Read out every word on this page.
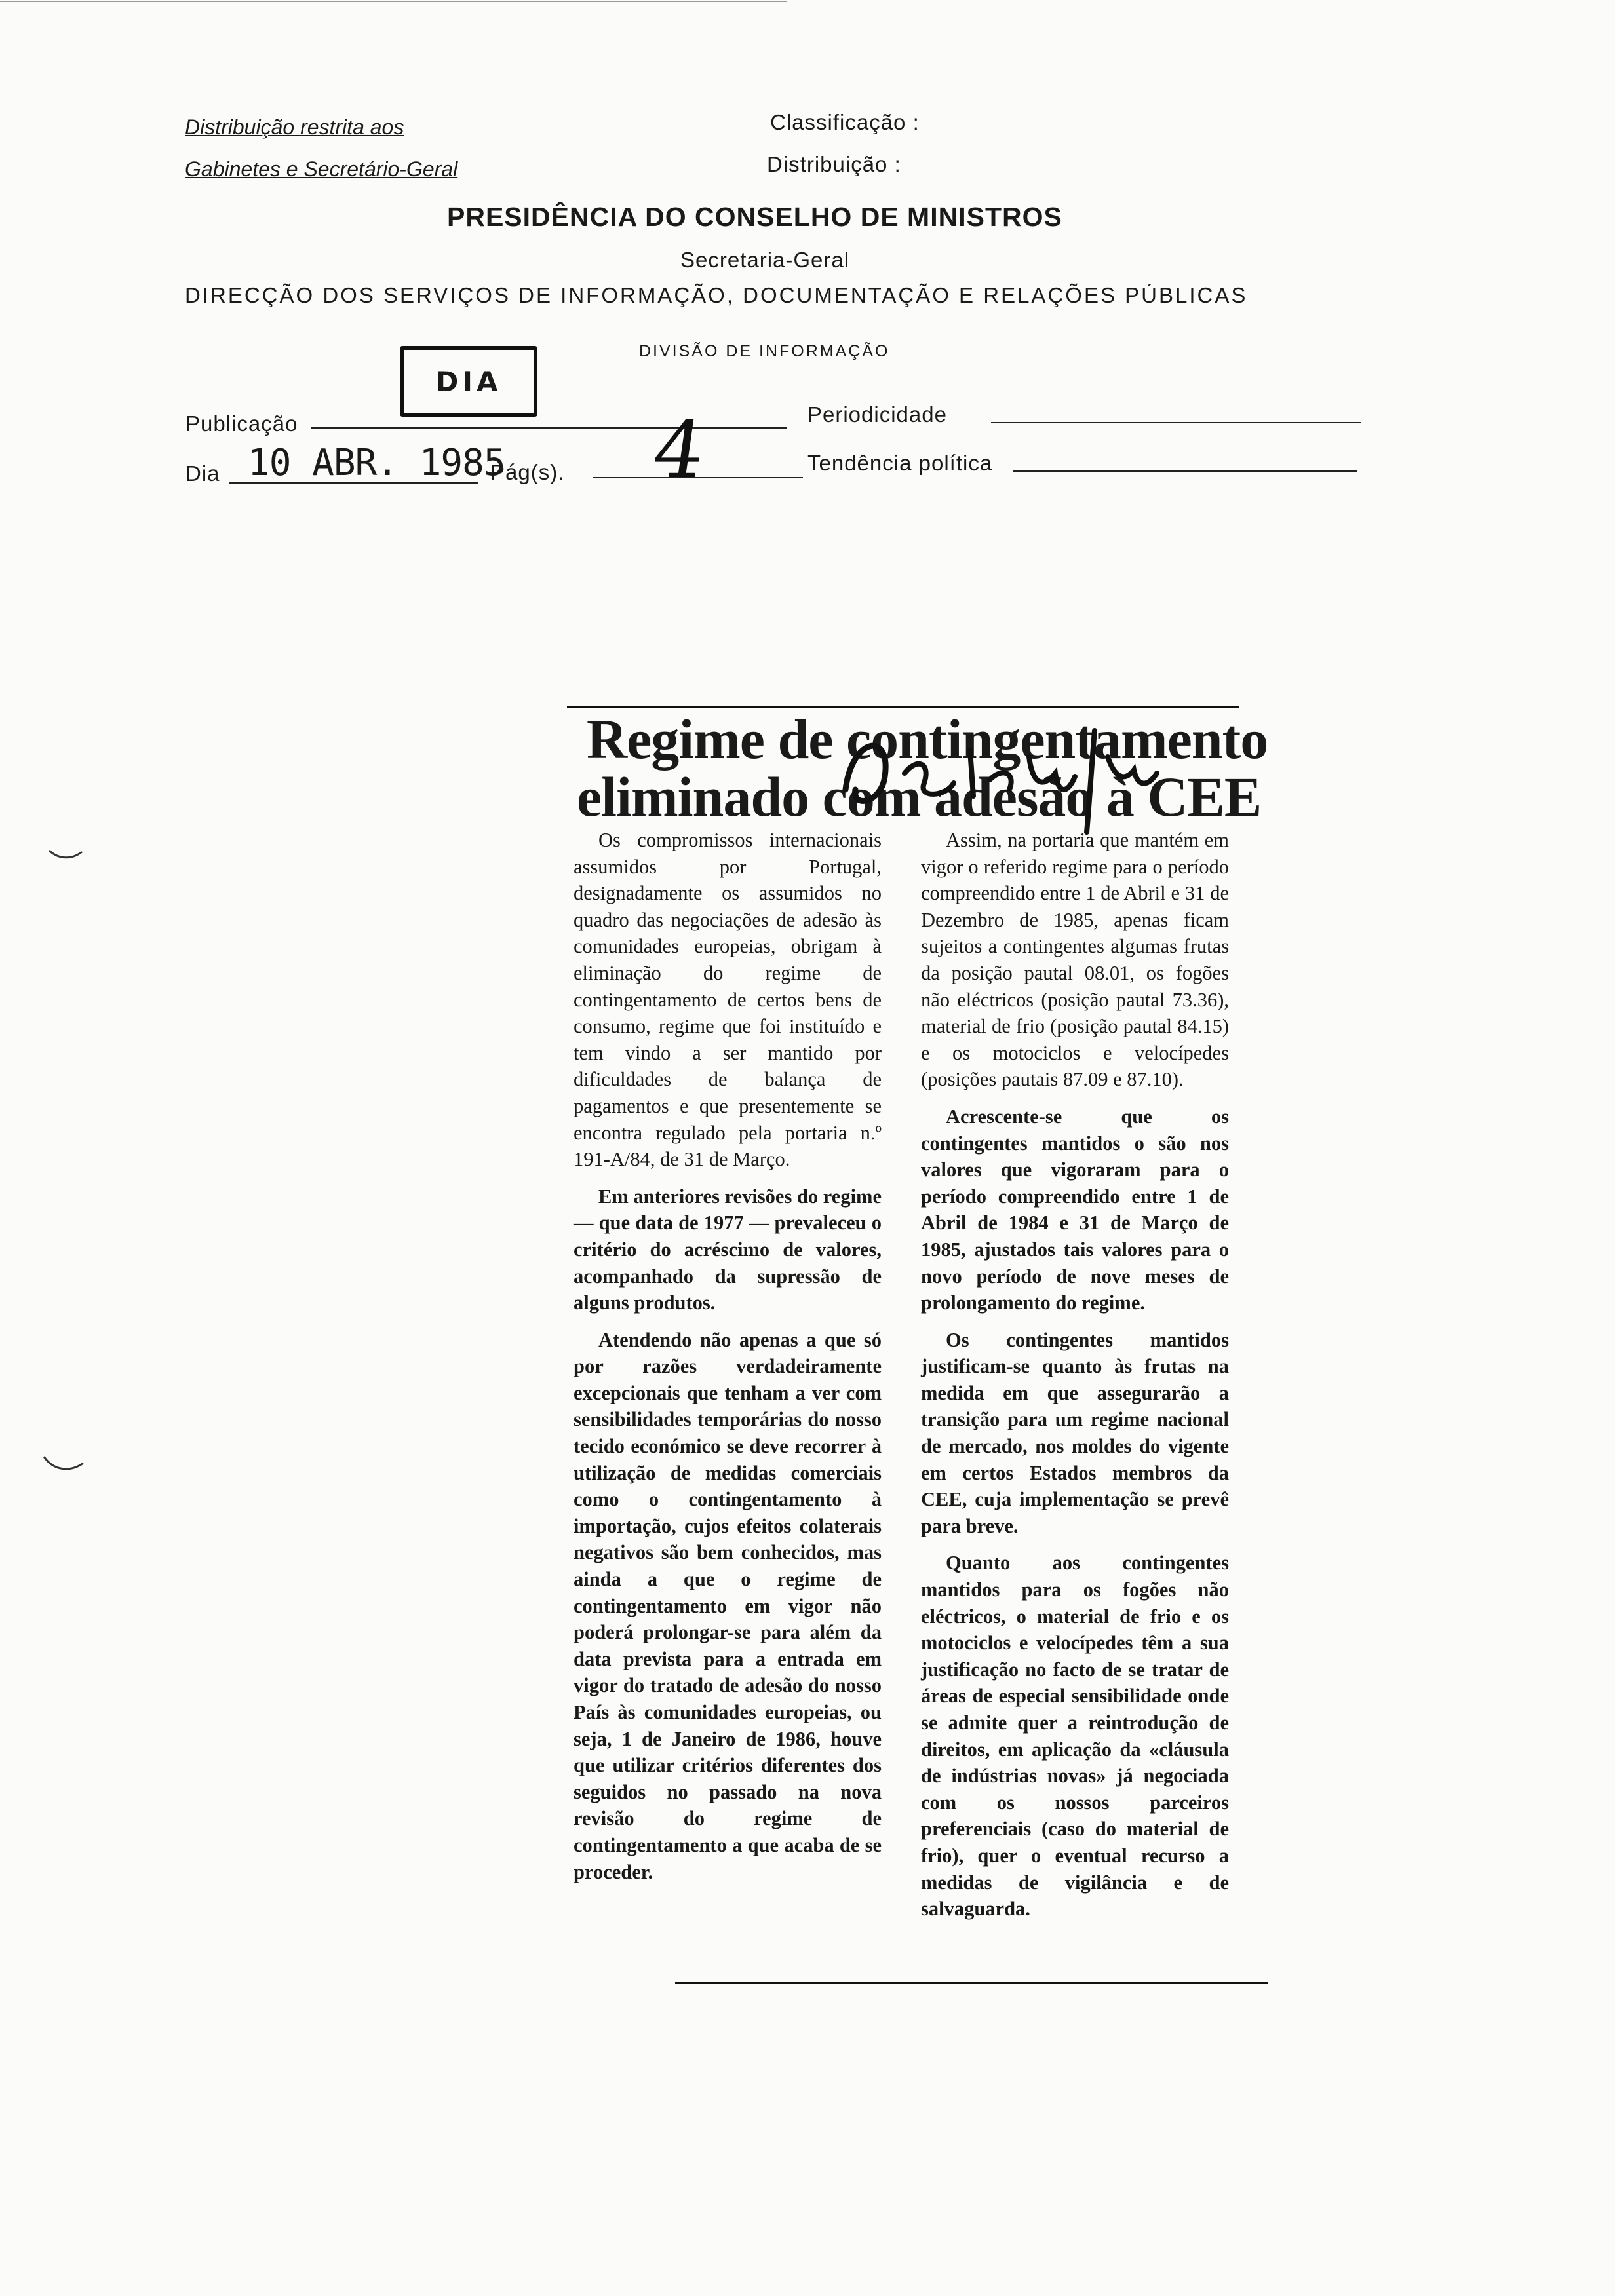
Distribuição restrita aos
Gabinetes e Secretário-Geral
Classificação :
Distribuição :
PRESIDÊNCIA DO CONSELHO DE MINISTROS
Secretaria-Geral
DIRECÇÃO DOS SERVIÇOS DE INFORMAÇÃO, DOCUMENTAÇÃO E RELAÇÕES PÚBLICAS
DIVISÃO DE INFORMAÇÃO
DIA
Publicação	Periodicidade
Dia 10 ABR. 1985
Pág(s). 4	Tendência política
Regime de contingentamento
eliminado com adesão à CEE

Os compromissos internacionais assumidos por Portugal, designadamente os assumidos no quadro das negociações de adesão às comunidades europeias, obrigam à eliminação do regime de contingentamento de certos bens de consumo, regime que foi instituído e tem vindo a ser mantido por dificuldades de balança de pagamentos e que presentemente se encontra regulado pela portaria n.º 191-A/84, de 31 de Março.

Em anteriores revisões do regime — que data de 1977 — prevaleceu o critério do acréscimo de valores, acompanhado da supressão de alguns produtos.

Atendendo não apenas a que só por razões verdadeiramente excepcionais que tenham a ver com sensibilidades temporárias do nosso tecido económico se deve recorrer à utilização de medidas comerciais como o contingentamento à importação, cujos efeitos colaterais negativos são bem conhecidos, mas ainda a que o regime de contingentamento em vigor não poderá prolongar-se para além da data prevista para a entrada em vigor do tratado de adesão do nosso País às comunidades europeias, ou seja, 1 de Janeiro de 1986, houve que utilizar critérios diferentes dos seguidos no passado na nova revisão do regime de contingentamento a que acaba de se proceder.

Assim, na portaria que mantém em vigor o referido regime para o período compreendido entre 1 de Abril e 31 de Dezembro de 1985, apenas ficam sujeitos a contingentes algumas frutas da posição pautal 08.01, os fogões não eléctricos (posição pautal 73.36), material de frio (posição pautal 84.15) e os motociclos e velocípedes (posições pautais 87.09 e 87.10).

Acrescente-se que os contingentes mantidos o são nos valores que vigoraram para o período compreendido entre 1 de Abril de 1984 e 31 de Março de 1985, ajustados tais valores para o novo período de nove meses de prolongamento do regime.

Os contingentes mantidos justificam-se quanto às frutas na medida em que assegurarão a transição para um regime nacional de mercado, nos moldes do vigente em certos Estados membros da CEE, cuja implementação se prevê para breve.

Quanto aos contingentes mantidos para os fogões não eléctricos, o material de frio e os motociclos e velocípedes têm a sua justificação no facto de se tratar de áreas de especial sensibilidade onde se admite quer a reintrodução de direitos, em aplicação da «cláusula de indústrias novas» já negociada com os nossos parceiros preferenciais (caso do material de frio), quer o eventual recurso a medidas de vigilância e de salvaguarda.
